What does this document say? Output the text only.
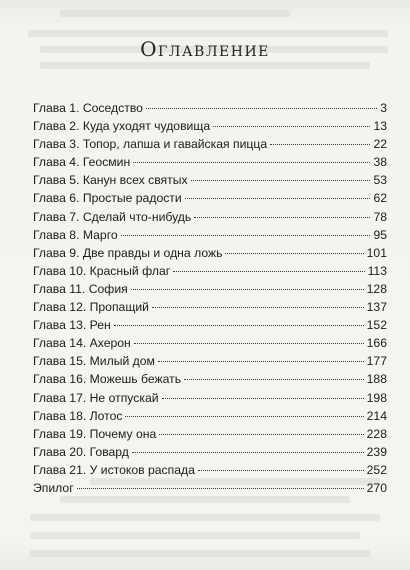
Оглавление
Глава 1. Соседство	3
Глава 2. Куда уходят чудовища	13
Глава 3. Топор, лапша и гавайская пицца	22
Глава 4. Геосмин	38
Глава 5. Канун всех святых	53
Глава 6. Простые радости	62
Глава 7. Сделай что-нибудь	78
Глава 8. Марго	95
Глава 9. Две правды и одна ложь	101
Глава 10. Красный флаг	113
Глава 11. София	128
Глава 12. Пропащий	137
Глава 13. Рен	152
Глава 14. Ахерон	166
Глава 15. Милый дом	177
Глава 16. Можешь бежать	188
Глава 17. Не отпускай	198
Глава 18. Лотос	214
Глава 19. Почему она	228
Глава 20. Говард	239
Глава 21. У истоков распада	252
Эпилог	270
